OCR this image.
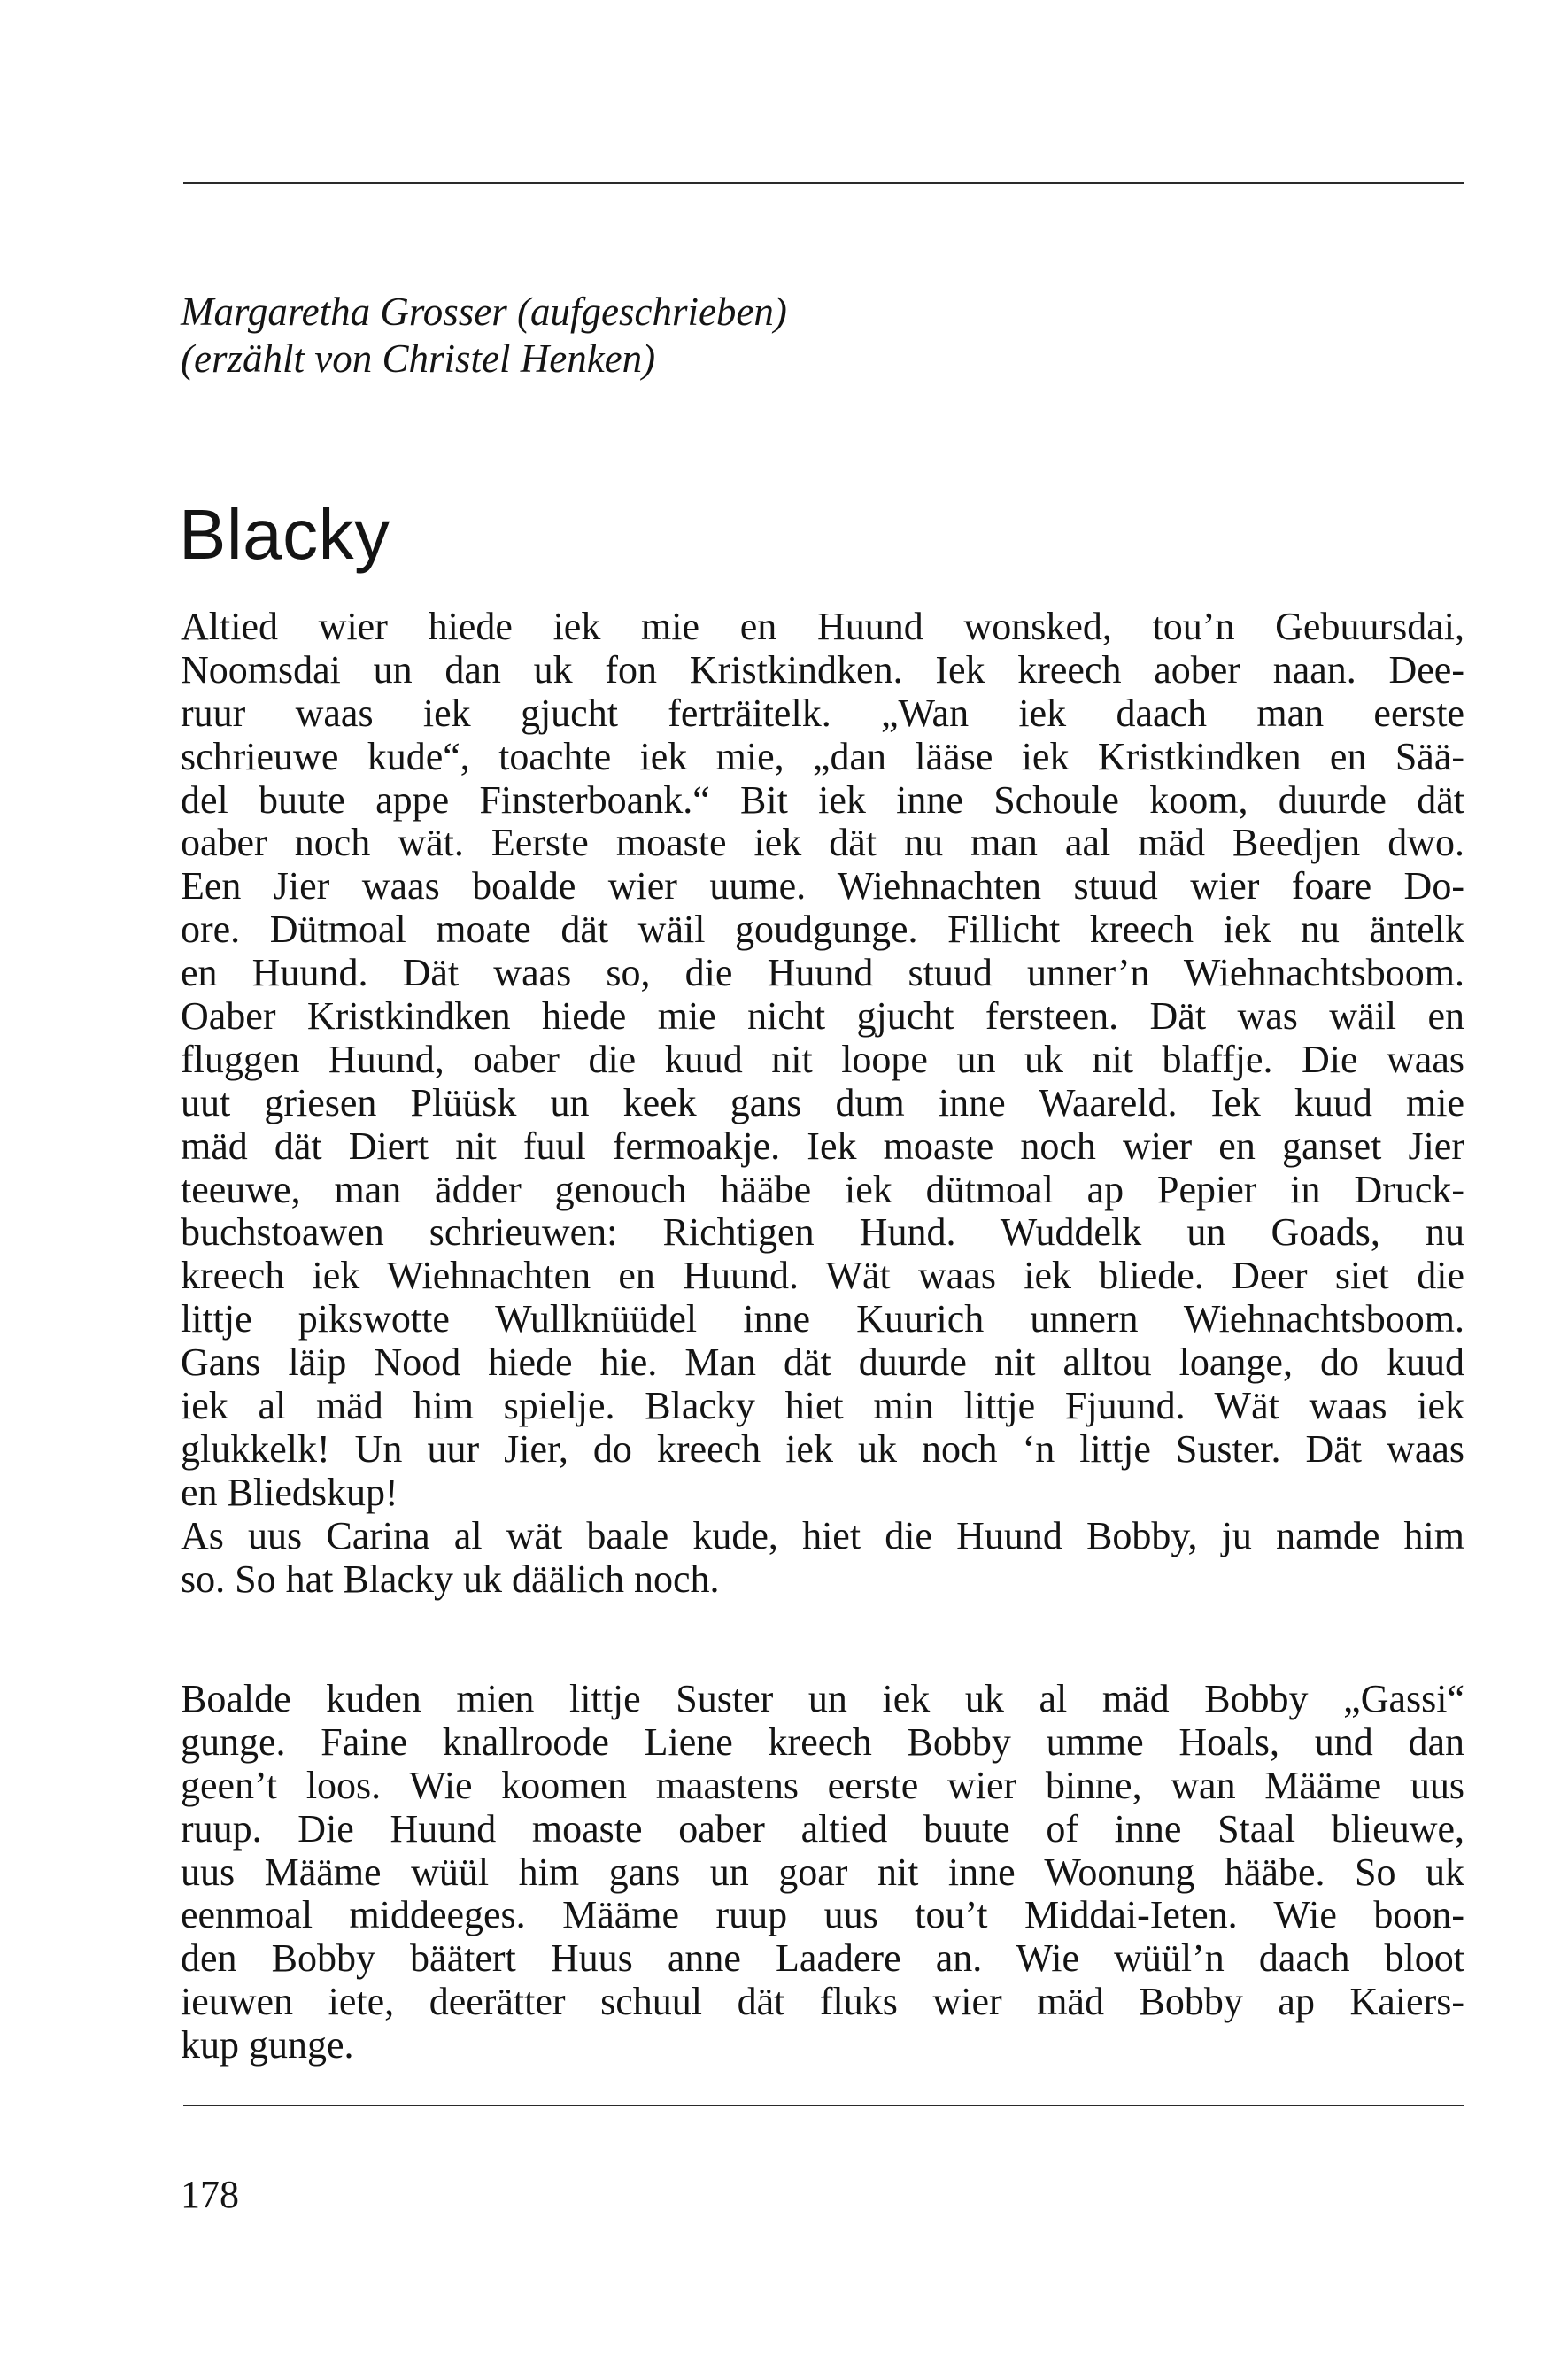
Margaretha Grosser (aufgeschrieben)
(erzählt von Christel Henken)
Blacky
Altied wier hiede iek mie en Huund wonsked, tou’n Gebuursdai,
Noomsdai un dan uk fon Kristkindken. Iek kreech aober naan. Dee-
ruur waas iek gjucht ferträitelk. „Wan iek daach man eerste
schrieuwe kude“, toachte iek mie, „dan lääse iek Kristkindken en Sää-
del buute appe Finsterboank.“ Bit iek inne Schoule koom, duurde dät
oaber noch wät. Eerste moaste iek dät nu man aal mäd Beedjen dwo.
Een Jier waas boalde wier uume. Wiehnachten stuud wier foare Do-
ore. Dütmoal moate dät wäil goudgunge. Fillicht kreech iek nu äntelk
en Huund. Dät waas so, die Huund stuud unner’n Wiehnachtsboom.
Oaber Kristkindken hiede mie nicht gjucht fersteen. Dät was wäil en
fluggen Huund, oaber die kuud nit loope un uk nit blaffje. Die waas
uut griesen Plüüsk un keek gans dum inne Waareld. Iek kuud mie
mäd dät Diert nit fuul fermoakje. Iek moaste noch wier en ganset Jier
teeuwe, man ädder genouch hääbe iek dütmoal ap Pepier in Druck-
buchstoawen schrieuwen: Richtigen Hund. Wuddelk un Goads, nu
kreech iek Wiehnachten en Huund. Wät waas iek bliede. Deer siet die
littje pikswotte Wullknüüdel inne Kuurich unnern Wiehnachtsboom.
Gans läip Nood hiede hie. Man dät duurde nit alltou loange, do kuud
iek al mäd him spielje. Blacky hiet min littje Fjuund. Wät waas iek
glukkelk! Un uur Jier, do kreech iek uk noch ‘n littje Suster. Dät waas
en Bliedskup!
As uus Carina al wät baale kude, hiet die Huund Bobby, ju namde him
so. So hat Blacky uk däälich noch.
Boalde kuden mien littje Suster un iek uk al mäd Bobby „Gassi“
gunge. Faine knallroode Liene kreech Bobby umme Hoals, und dan
geen’t loos. Wie koomen maastens eerste wier binne, wan Määme uus
ruup. Die Huund moaste oaber altied buute of inne Staal blieuwe,
uus Määme wüül him gans un goar nit inne Woonung hääbe. So uk
eenmoal middeeges. Määme ruup uus tou’t Middai-Ieten. Wie boon-
den Bobby bäätert Huus anne Laadere an. Wie wüül’n daach bloot
ieuwen iete, deerätter schuul dät fluks wier mäd Bobby ap Kaiers-
kup gunge.
178
